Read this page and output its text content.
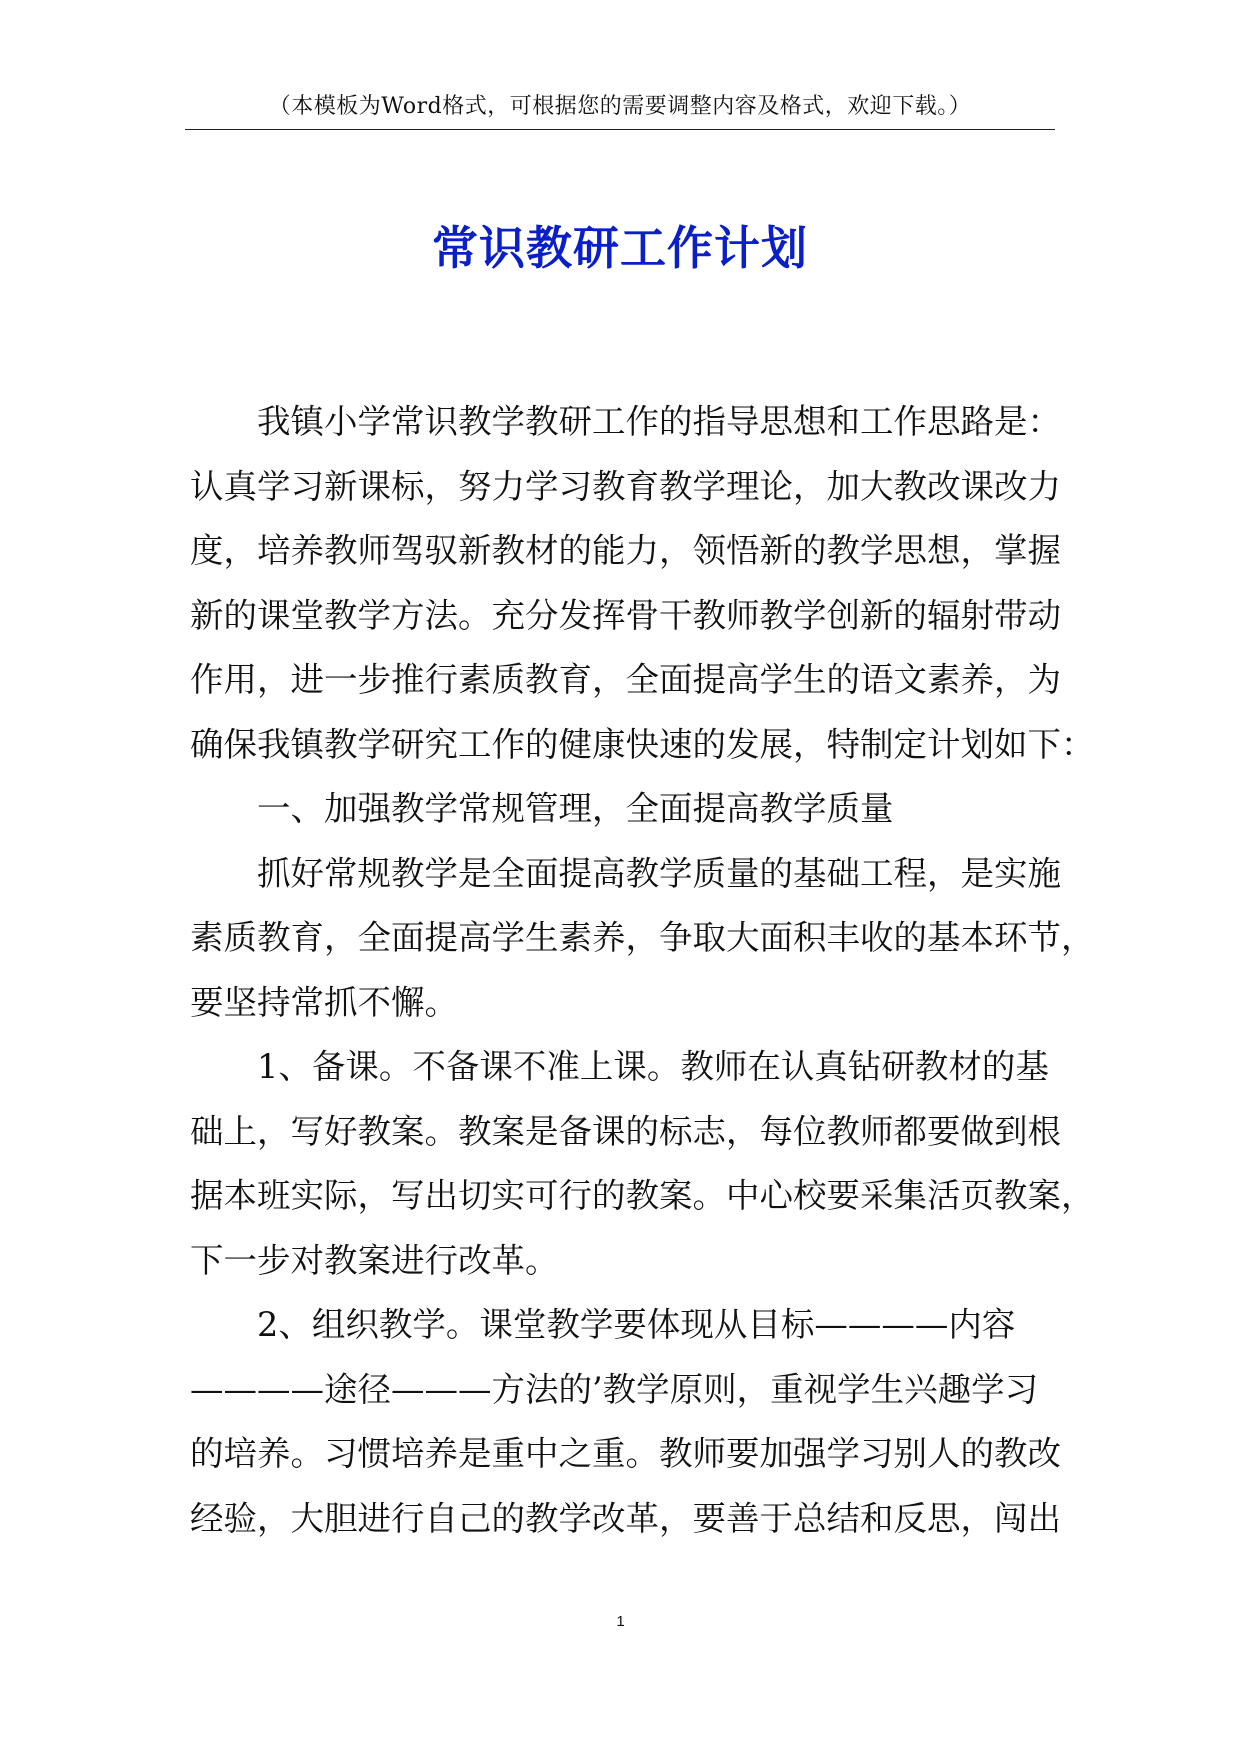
（本模板为Word格式，可根据您的需要调整内容及格式，欢迎下载。）
常识教研工作计划

我镇小学常识教学教研工作的指导思想和工作思路是：
认真学习新课标，努力学习教育教学理论，加大教改课改力
度，培养教师驾驭新教材的能力，领悟新的教学思想，掌握
新的课堂教学方法。充分发挥骨干教师教学创新的辐射带动
作用，进一步推行素质教育，全面提高学生的语文素养，为
确保我镇教学研究工作的健康快速的发展，特制定计划如下：

一、加强教学常规管理，全面提高教学质量

抓好常规教学是全面提高教学质量的基础工程，是实施
素质教育，全面提高学生素养，争取大面积丰收的基本环节，
要坚持常抓不懈。

1、备课。不备课不准上课。教师在认真钻研教材的基
础上，写好教案。教案是备课的标志，每位教师都要做到根
据本班实际，写出切实可行的教案。中心校要采集活页教案，
下一步对教案进行改革。

2、组织教学。课堂教学要体现从目标————内容
————途径———方法的’教学原则，重视学生兴趣学习
的培养。习惯培养是重中之重。教师要加强学习别人的教改
经验，大胆进行自己的教学改革，要善于总结和反思，闯出

1
